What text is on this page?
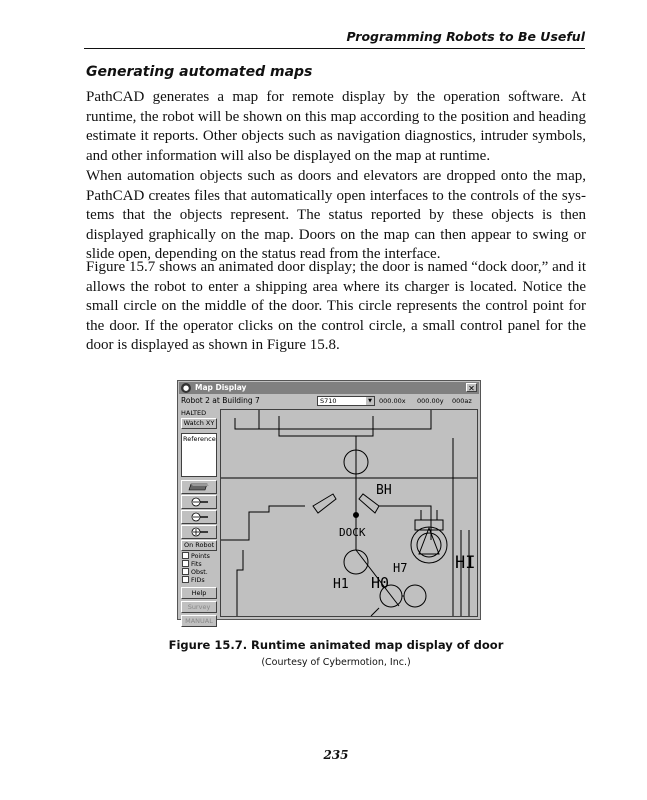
Programming Robots to Be Useful
Generating automated maps

PathCAD generates a map for remote display by the operation software. At runtime, the robot will be shown on this map according to the position and heading estimate it reports. Other objects such as navigation diagnostics, intruder symbols, and other information will also be displayed on the map at runtime.

When automation objects such as doors and elevators are dropped onto the map, PathCAD creates files that automatically open interfaces to the controls of the sys-tems that the objects represent. The status reported by these objects is then displayed graphically on the map. Doors on the map can then appear to swing or slide open, depending on the status read from the interface.

Figure 15.7 shows an animated door display; the door is named “dock door,” and it allows the robot to enter a shipping area where its charger is located. Notice the small circle on the middle of the door. This circle represents the control point for the door. If the operator clicks on the control circle, a small control panel for the door is displayed as shown in Figure 15.8.

● Map Display	✕
Robot 2 at Building 7	S710	▼	000.00x 000.00y 000az
HALTED
Watch XY
Reference
On Robot
Points
Fits
Obst.
FIDs
Help
Survey
MANUAL
BH
DOCK
H1 H0
H7	HI
Figure 15.7. Runtime animated map display of door
(Courtesy of Cybermotion, Inc.)
235
